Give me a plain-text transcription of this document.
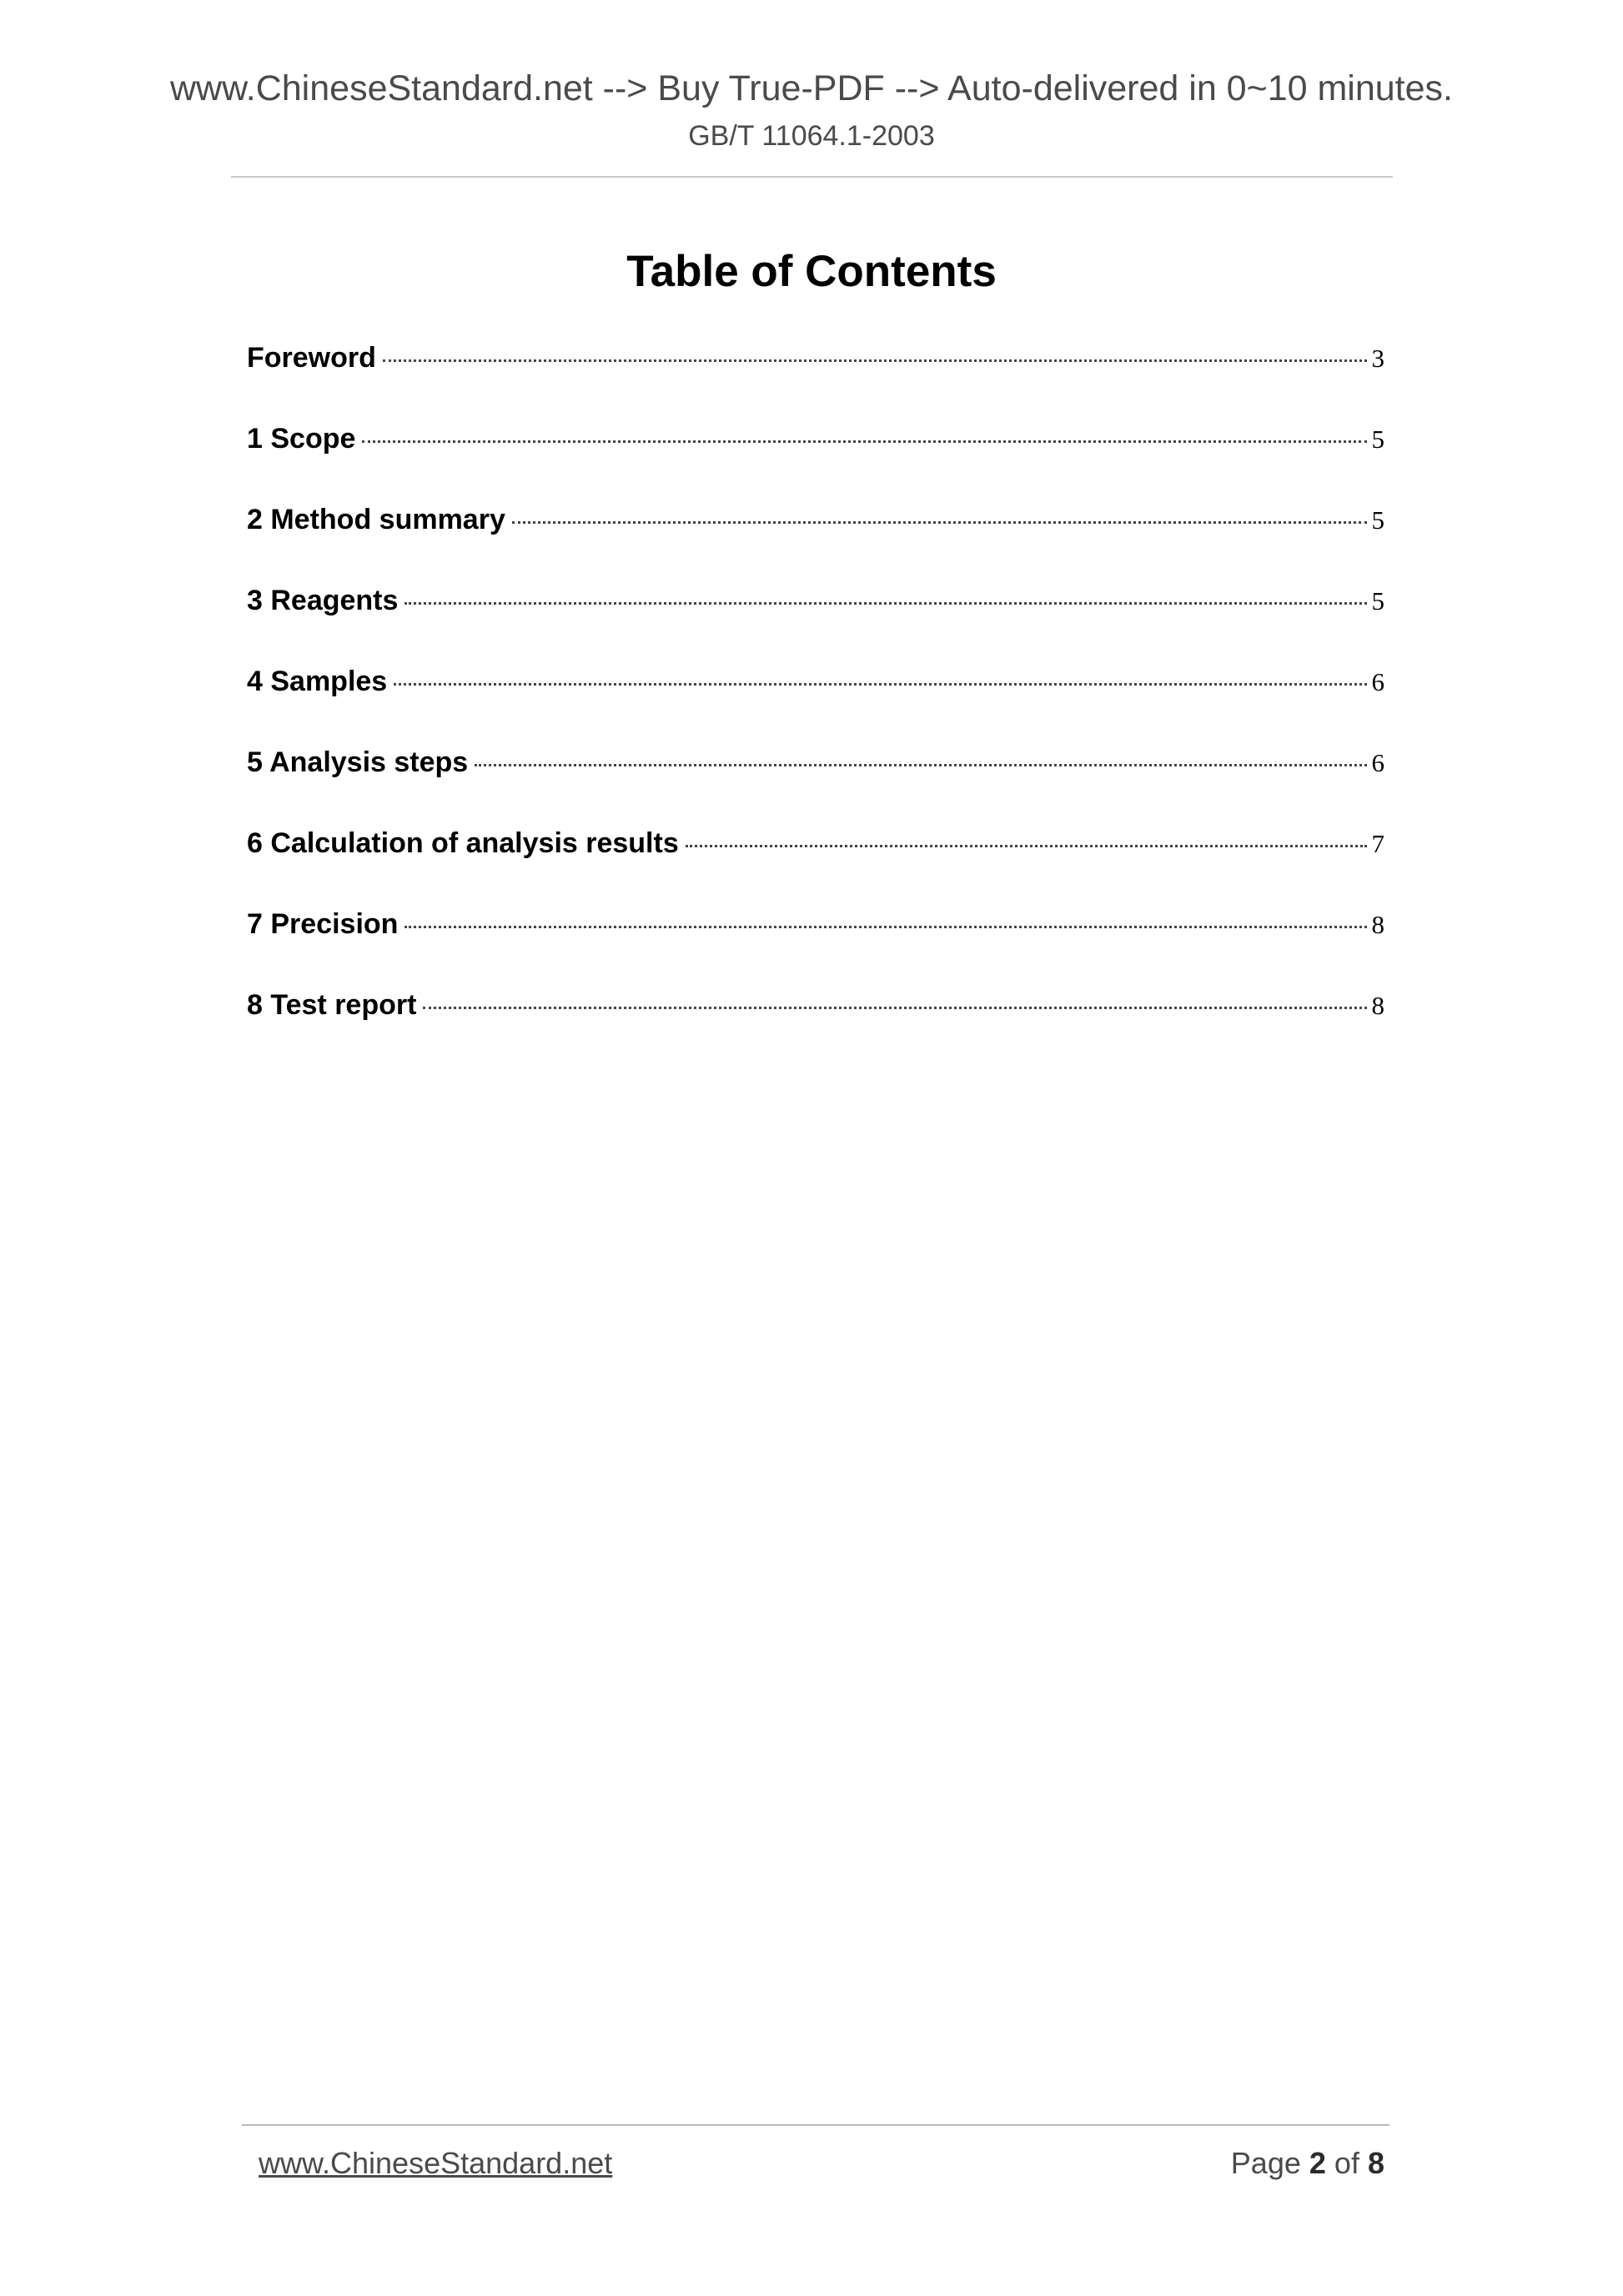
www.ChineseStandard.net --> Buy True-PDF --> Auto-delivered in 0~10 minutes.
GB/T 11064.1-2003
Table of Contents
Foreword	3
1 Scope	5
2 Method summary	5
3 Reagents	5
4 Samples	6
5 Analysis steps	6
6 Calculation of analysis results	7
7 Precision	8
8 Test report	8
www.ChineseStandard.net	Page 2 of 8
